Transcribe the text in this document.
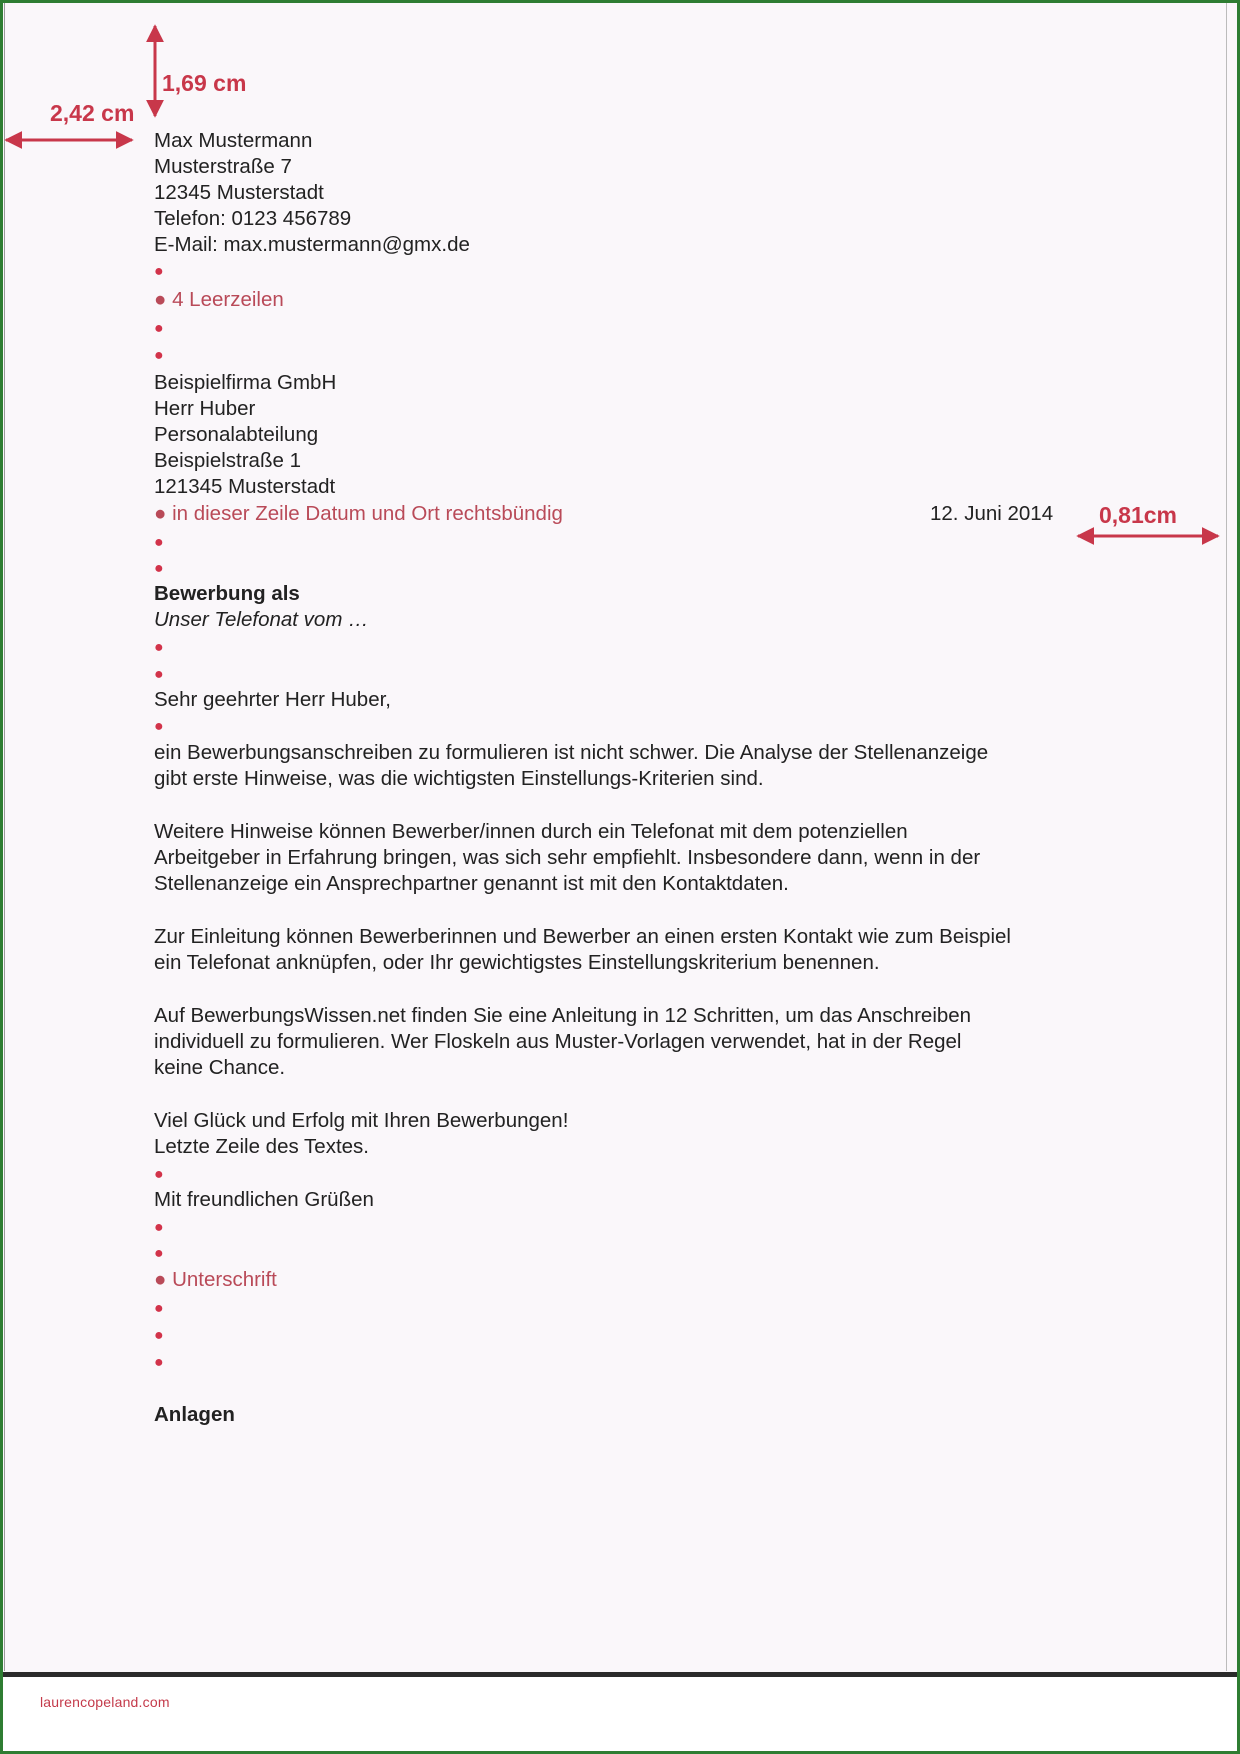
1,69 cm
2,42 cm
0,81cm
Max Mustermann
Musterstraße 7
12345 Musterstadt
Telefon: 0123 456789
E-Mail: max.mustermann@gmx.de
●
● 4 Leerzeilen
●
●
Beispielfirma GmbH
Herr Huber
Personalabteilung
Beispielstraße 1
121345 Musterstadt
● in dieser Zeile Datum und Ort rechtsbündig	12. Juni 2014
●
●
Bewerbung als
Unser Telefonat vom …
●
●
Sehr geehrter Herr Huber,
●
ein Bewerbungsanschreiben zu formulieren ist nicht schwer. Die Analyse der Stellenanzeige
gibt erste Hinweise, was die wichtigsten Einstellungs-Kriterien sind.
Weitere Hinweise können Bewerber/innen durch ein Telefonat mit dem potenziellen
Arbeitgeber in Erfahrung bringen, was sich sehr empfiehlt. Insbesondere dann, wenn in der
Stellenanzeige ein Ansprechpartner genannt ist mit den Kontaktdaten.
Zur Einleitung können Bewerberinnen und Bewerber an einen ersten Kontakt wie zum Beispiel
ein Telefonat anknüpfen, oder Ihr gewichtigstes Einstellungskriterium benennen.
Auf BewerbungsWissen.net finden Sie eine Anleitung in 12 Schritten, um das Anschreiben
individuell zu formulieren. Wer Floskeln aus Muster-Vorlagen verwendet, hat in der Regel
keine Chance.
Viel Glück und Erfolg mit Ihren Bewerbungen!
Letzte Zeile des Textes.
●
Mit freundlichen Grüßen
●
●
● Unterschrift
●
●
●
Anlagen
laurencopeland.com
